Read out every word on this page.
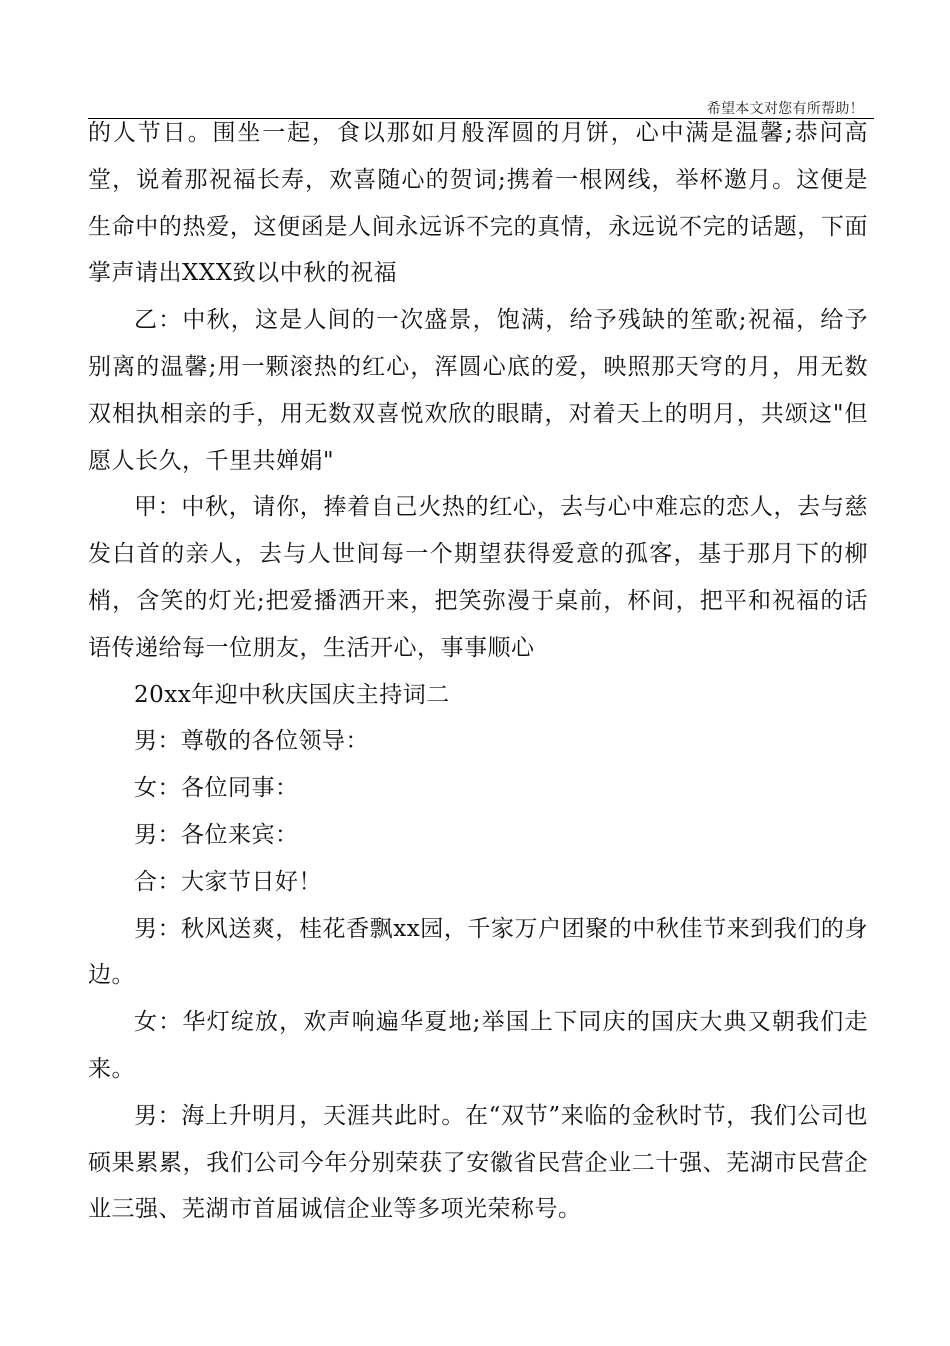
希望本文对您有所帮助！

的人节日。围坐一起，食以那如月般浑圆的月饼，心中满是温馨;恭问高堂，说着那祝福长寿，欢喜随心的贺词;携着一根网线，举杯邀月。这便是生命中的热爱，这便函是人间永远诉不完的真情，永远说不完的话题，下面掌声请出XXX致以中秋的祝福

乙：中秋，这是人间的一次盛景，饱满，给予残缺的笙歌;祝福，给予别离的温馨;用一颗滚热的红心，浑圆心底的爱，映照那天穹的月，用无数双相执相亲的手，用无数双喜悦欢欣的眼睛，对着天上的明月，共颂这"但愿人长久，千里共婵娟"

甲：中秋，请你，捧着自己火热的红心，去与心中难忘的恋人，去与慈发白首的亲人，去与人世间每一个期望获得爱意的孤客，基于那月下的柳梢，含笑的灯光;把爱播洒开来，把笑弥漫于桌前，杯间，把平和祝福的话语传递给每一位朋友，生活开心，事事顺心

20xx年迎中秋庆国庆主持词二

男：尊敬的各位领导：

女：各位同事：

男：各位来宾：

合：大家节日好！

男：秋风送爽，桂花香飘xx园，千家万户团聚的中秋佳节来到我们的身边。

女：华灯绽放，欢声响遍华夏地;举国上下同庆的国庆大典又朝我们走来。

男：海上升明月，天涯共此时。在“双节”来临的金秋时节，我们公司也硕果累累，我们公司今年分别荣获了安徽省民营企业二十强、芜湖市民营企业三强、芜湖市首届诚信企业等多项光荣称号。
